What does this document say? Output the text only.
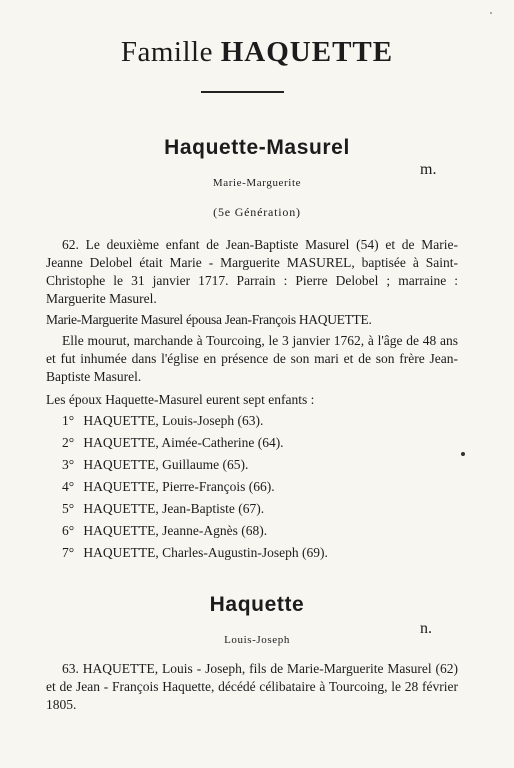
Famille HAQUETTE
Haquette-Masurel
m.
Marie-Marguerite
(5e Génération)

62. Le deuxième enfant de Jean-Baptiste Masurel (54) et de Marie-Jeanne Delobel était Marie - Marguerite MASUREL, baptisée à Saint-Christophe le 31 janvier 1717. Parrain : Pierre Delobel ; marraine : Marguerite Masurel.

Marie-Marguerite Masurel épousa Jean-François HAQUETTE.

Elle mourut, marchande à Tourcoing, le 3 janvier 1762, à l'âge de 48 ans et fut inhumée dans l'église en présence de son mari et de son frère Jean-Baptiste Masurel.

Les époux Haquette-Masurel eurent sept enfants :

1° HAQUETTE, Louis-Joseph (63).
2° HAQUETTE, Aimée-Catherine (64).
3° HAQUETTE, Guillaume (65).
4° HAQUETTE, Pierre-François (66).
5° HAQUETTE, Jean-Baptiste (67).
6° HAQUETTE, Jeanne-Agnès (68).
7° HAQUETTE, Charles-Augustin-Joseph (69).
Haquette
n.
Louis-Joseph

63. HAQUETTE, Louis - Joseph, fils de Marie-Marguerite Masurel (62) et de Jean - François Haquette, décédé célibataire à Tourcoing, le 28 février 1805.
